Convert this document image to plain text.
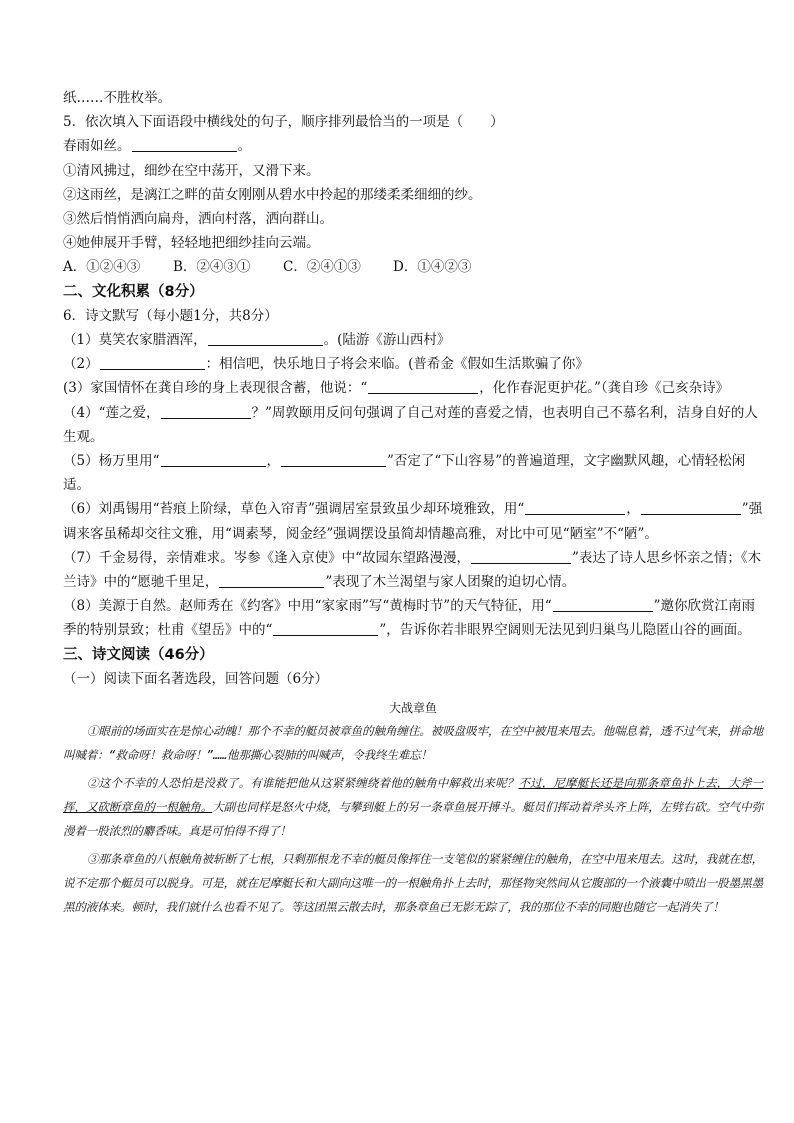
纸……不胜枚举。
5．依次填入下面语段中横线处的句子，顺序排列最恰当的一项是（　　）
春雨如丝。	。
①清风拂过，细纱在空中荡开，又滑下来。
②这雨丝，是漓江之畔的苗女刚刚从碧水中拎起的那缕柔柔细细的纱。
③然后悄悄洒向扁舟，洒向村落，洒向群山。
④她伸展开手臂，轻轻地把细纱挂向云端。
A．①②④③ B．②④③① C．②④①③ D．①④②③
二、文化积累（8分）
6．诗文默写（每小题1分，共8分）
（1）莫笑农家腊酒浑，	。(陆游《游山西村》
（2）	：相信吧，快乐地日子将会来临。(普希金《假如生活欺骗了你》
(3）家国情怀在龚自珍的身上表现很含蓄，他说：“	，化作春泥更护花。”（龚自珍《己亥杂诗》
（4）“莲之爱，	？”周敦颐用反问句强调了自己对莲的喜爱之情，也表明自己不慕名利，洁身自好的人生观。
（5）杨万里用“	，	”否定了“下山容易”的普遍道理，文字幽默风趣，心情轻松闲适。
（6）刘禹锡用“苔痕上阶绿，草色入帘青”强调居室景致虽少却环境雅致，用“	，	”强调来客虽稀却交往文雅，用“调素琴，阅金经”强调摆设虽简却情趣高雅，对比中可见“陋室”不“陋”。
（7）千金易得，亲情难求。岑参《逢入京使》中“故园东望路漫漫，	”表达了诗人思乡怀亲之情；《木兰诗》中的“愿驰千里足，	”表现了木兰渴望与家人团聚的迫切心情。
（8）美源于自然。赵师秀在《约客》中用“家家雨”写“黄梅时节”的天气特征，用“	”邀你欣赏江南雨季的特别景致；杜甫《望岳》中的“	”，告诉你若非眼界空阔则无法见到归巢鸟儿隐匿山谷的画面。
三、诗文阅读（46分）
（一）阅读下面名著选段，回答问题（6分）
大战章鱼
①眼前的场面实在是惊心动魄！那个不幸的艇员被章鱼的触角缠住。被吸盘吸牢，在空中被甩来甩去。他喘息着，透不过气来，拼命地叫喊着：“救命呀！救命呀！”……他那撕心裂肺的叫喊声，令我终生难忘！
②这个不幸的人恐怕是没救了。有谁能把他从这紧紧缠绕着他的触角中解救出来呢？不过，尼摩艇长还是向那条章鱼扑上去，大斧一挥，又砍断章鱼的一根触角。大副也同样是怒火中烧，与攀到艇上的另一条章鱼展开搏斗。艇员们挥动着斧头齐上阵，左劈右砍。空气中弥漫着一股浓烈的麝香味。真是可怕得不得了！
③那条章鱼的八根触角被斩断了七根，只剩那根龙不幸的艇员像挥住一支笔似的紧紧缠住的触角，在空中甩来甩去。这时，我就在想，说不定那个艇员可以脱身。可是，就在尼摩艇长和大副向这唯一的一根触角扑上去时，那怪物突然间从它腹部的一个液囊中喷出一股墨黑墨黑的液体来。顿时，我们就什么也看不见了。等这团黑云散去时，那条章鱼已无影无踪了，我的那位不幸的同胞也随它一起消失了！
